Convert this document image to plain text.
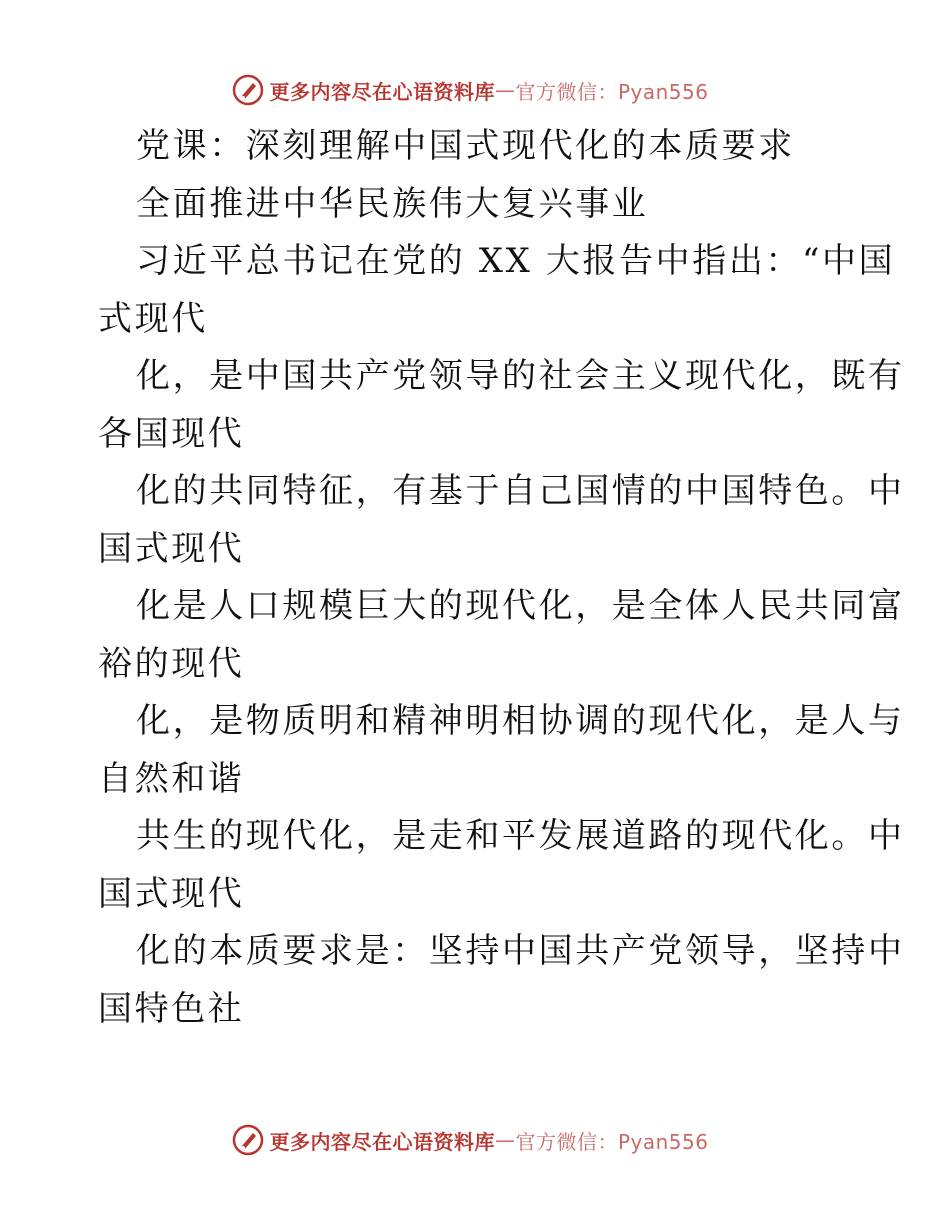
更多内容尽在心语资料库 — 官方微信：Pyan556
党课：深刻理解中国式现代化的本质要求
全面推进中华民族伟大复兴事业
习近平总书记在党的 XX 大报告中指出：“中国
式现代
化，是中国共产党领导的社会主义现代化，既有
各国现代
化的共同特征，有基于自己国情的中国特色。中
国式现代
化是人口规模巨大的现代化，是全体人民共同富
裕的现代
化，是物质明和精神明相协调的现代化，是人与
自然和谐
共生的现代化，是走和平发展道路的现代化。中
国式现代
化的本质要求是：坚持中国共产党领导，坚持中
国特色社
更多内容尽在心语资料库 — 官方微信：Pyan556
